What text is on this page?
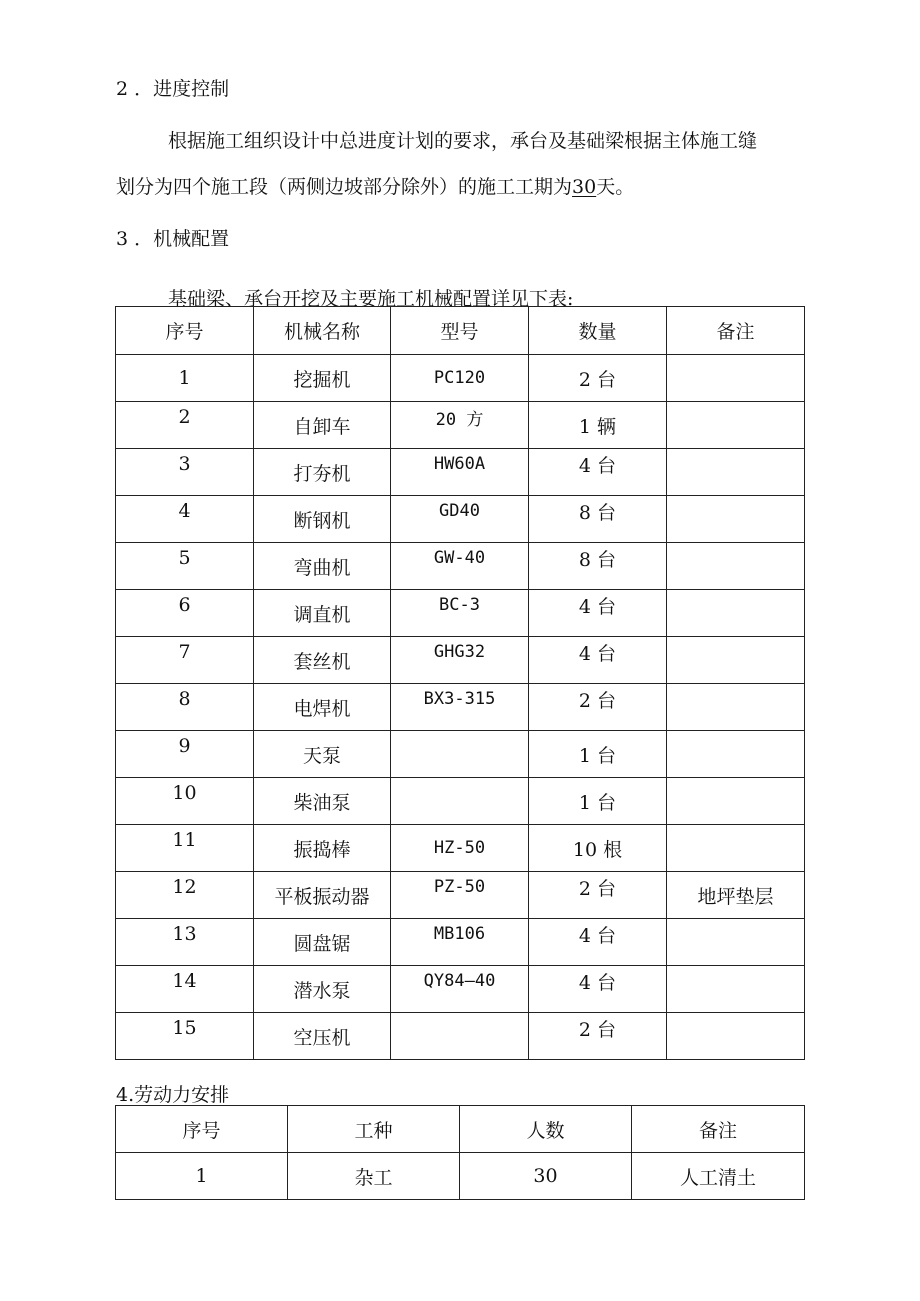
2 ．进度控制
根据施工组织设计中总进度计划的要求，承台及基础梁根据主体施工缝
划分为四个施工段（两侧边坡部分除外）的施工工期为30天。
3 ．机械配置
基础梁、承台开挖及主要施工机械配置详见下表:
序号	机械名称	型号	数量	备注
1	挖掘机	PC120	2 台	
2	自卸车	20 方	1 辆	
3	打夯机	HW60A	4 台	
4	断钢机	GD40	8 台	
5	弯曲机	GW-40	8 台	
6	调直机	BC-3	4 台	
7	套丝机	GHG32	4 台	
8	电焊机	BX3-315	2 台	
9	天泵		1 台	
10	柴油泵		1 台	
11	振捣棒	HZ-50	10 根	
12	平板振动器	PZ-50	2 台	地坪垫层
13	圆盘锯	MB106	4 台	
14	潜水泵	QY84—40	4 台	
15	空压机		2 台	
4.劳动力安排
序号	工种	人数	备注
1	杂工	30	人工清土
